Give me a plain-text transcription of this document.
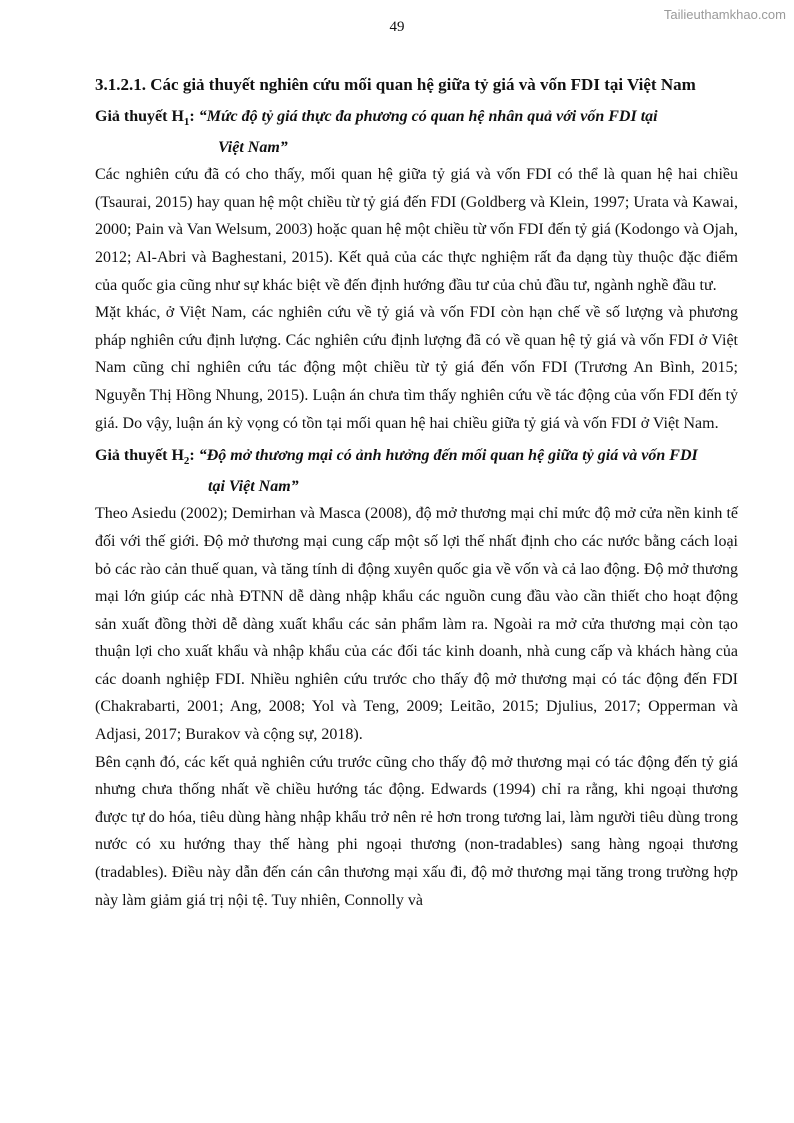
Tailieuthamkhao.com
49
3.1.2.1. Các giả thuyết nghiên cứu mối quan hệ giữa tỷ giá và vốn FDI tại Việt Nam
Giả thuyết $H_1$: “Mức độ tỷ giá thực đa phương có quan hệ nhân quả với vốn FDI tại
Việt Nam”

Các nghiên cứu đã có cho thấy, mối quan hệ giữa tỷ giá và vốn FDI có thể là quan hệ hai chiều (Tsaurai, 2015) hay quan hệ một chiều từ tỷ giá đến FDI (Goldberg và Klein, 1997; Urata và Kawai, 2000; Pain và Van Welsum, 2003) hoặc quan hệ một chiều từ vốn FDI đến tỷ giá (Kodongo và Ojah, 2012; Al-Abri và Baghestani, 2015). Kết quả của các thực nghiệm rất đa dạng tùy thuộc đặc điểm của quốc gia cũng như sự khác biệt về đến định hướng đầu tư của chủ đầu tư, ngành nghề đầu tư.

Mặt khác, ở Việt Nam, các nghiên cứu về tỷ giá và vốn FDI còn hạn chế về số lượng và phương pháp nghiên cứu định lượng. Các nghiên cứu định lượng đã có về quan hệ tỷ giá và vốn FDI ở Việt Nam cũng chỉ nghiên cứu tác động một chiều từ tỷ giá đến vốn FDI (Trương An Bình, 2015; Nguyễn Thị Hồng Nhung, 2015). Luận án chưa tìm thấy nghiên cứu về tác động của vốn FDI đến tỷ giá. Do vậy, luận án kỳ vọng có tồn tại mối quan hệ hai chiều giữa tỷ giá và vốn FDI ở Việt Nam.

Giả thuyết $H_2$: “Độ mở thương mại có ảnh hưởng đến mối quan hệ giữa tỷ giá và vốn FDI
tại Việt Nam”

Theo Asiedu (2002); Demirhan và Masca (2008), độ mở thương mại chỉ mức độ mở cửa nền kinh tế đối với thế giới. Độ mở thương mại cung cấp một số lợi thế nhất định cho các nước bằng cách loại bỏ các rào cản thuế quan, và tăng tính di động xuyên quốc gia về vốn và cả lao động. Độ mở thương mại lớn giúp các nhà ĐTNN dễ dàng nhập khẩu các nguồn cung đầu vào cần thiết cho hoạt động sản xuất đồng thời dễ dàng xuất khẩu các sản phẩm làm ra. Ngoài ra mở cửa thương mại còn tạo thuận lợi cho xuất khẩu và nhập khẩu của các đối tác kinh doanh, nhà cung cấp và khách hàng của các doanh nghiệp FDI. Nhiều nghiên cứu trước cho thấy độ mở thương mại có tác động đến FDI (Chakrabarti, 2001; Ang, 2008; Yol và Teng, 2009; Leitão, 2015; Djulius, 2017; Opperman và Adjasi, 2017; Burakov và cộng sự, 2018).

Bên cạnh đó, các kết quả nghiên cứu trước cũng cho thấy độ mở thương mại có tác động đến tỷ giá nhưng chưa thống nhất về chiều hướng tác động. Edwards (1994) chỉ ra rằng, khi ngoại thương được tự do hóa, tiêu dùng hàng nhập khẩu trở nên rẻ hơn trong tương lai, làm người tiêu dùng trong nước có xu hướng thay thế hàng phi ngoại thương (non-tradables) sang hàng ngoại thương (tradables). Điều này dẫn đến cán cân thương mại xấu đi, độ mở thương mại tăng trong trường hợp này làm giảm giá trị nội tệ. Tuy nhiên, Connolly và
